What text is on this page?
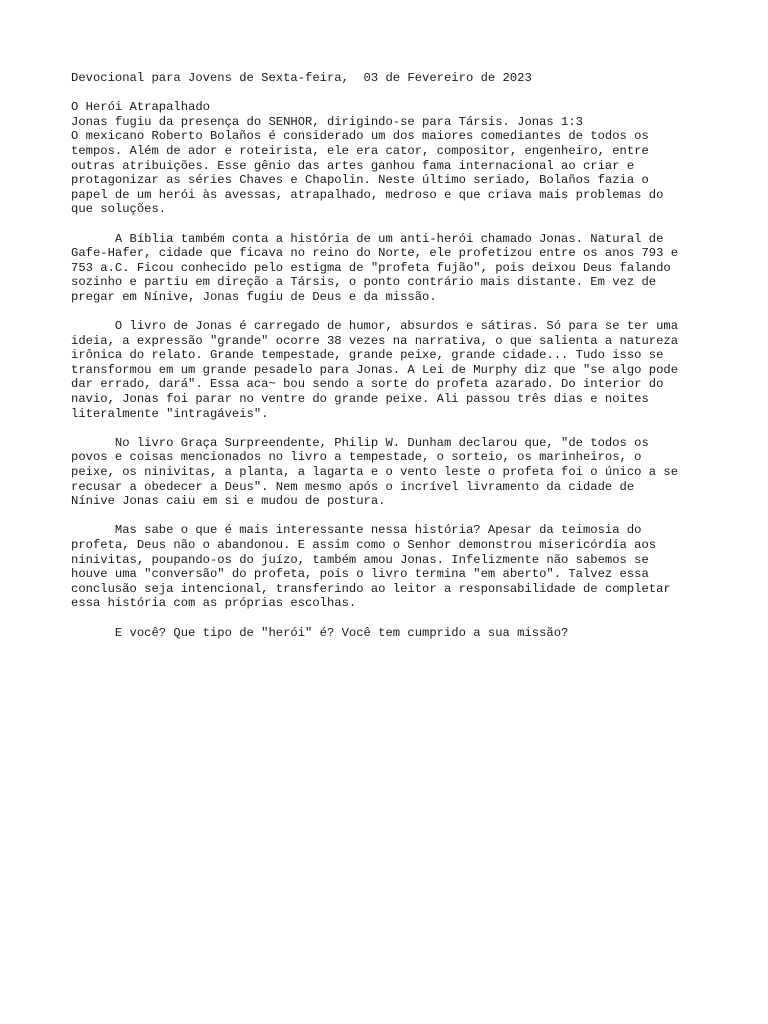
Devocional para Jovens de Sexta-feira,  03 de Fevereiro de 2023
O Herói Atrapalhado
Jonas fugiu da presença do SENHOR, dirigindo-se para Társis. Jonas 1:3
O mexicano Roberto Bolaños é considerado um dos maiores comediantes de todos os
tempos. Além de ador e roteirista, ele era cator, compositor, engenheiro, entre
outras atribuições. Esse gênio das artes ganhou fama internacional ao criar e
protagonizar as séries Chaves e Chapolin. Neste último seriado, Bolaños fazia o
papel de um herói às avessas, atrapalhado, medroso e que criava mais problemas do
que soluções.
A Bíblia também conta a história de um anti-herói chamado Jonas. Natural de
Gafe-Hafer, cidade que ficava no reino do Norte, ele profetizou entre os anos 793 e
753 a.C. Ficou conhecido pelo estigma de "profeta fujão", pois deixou Deus falando
sozinho e partiu em direção a Társis, o ponto contrário mais distante. Em vez de
pregar em Nínive, Jonas fugiu de Deus e da missão.
O livro de Jonas é carregado de humor, absurdos e sátiras. Só para se ter uma
ideia, a expressão "grande" ocorre 38 vezes na narrativa, o que salienta a natureza
irônica do relato. Grande tempestade, grande peixe, grande cidade... Tudo isso se
transformou em um grande pesadelo para Jonas. A Lei de Murphy diz que "se algo pode
dar errado, dará". Essa aca~ bou sendo a sorte do profeta azarado. Do interior do
navio, Jonas foi parar no ventre do grande peixe. Ali passou três dias e noites
literalmente "intragáveis".
No livro Graça Surpreendente, Philip W. Dunham declarou que, "de todos os
povos e coisas mencionados no livro a tempestade, o sorteio, os marinheiros, o
peixe, os ninivitas, a planta, a lagarta e o vento leste o profeta foi o único a se
recusar a obedecer a Deus". Nem mesmo após o incrível livramento da cidade de
Nínive Jonas caiu em si e mudou de postura.
Mas sabe o que é mais interessante nessa história? Apesar da teimosia do
profeta, Deus não o abandonou. E assim como o Senhor demonstrou misericórdia aos
ninivitas, poupando-os do juízo, também amou Jonas. Infelizmente não sabemos se
houve uma "conversão" do profeta, pois o livro termina "em aberto". Talvez essa
conclusão seja intencional, transferindo ao leitor a responsabilidade de completar
essa história com as próprias escolhas.
E você? Que tipo de "herói" é? Você tem cumprido a sua missão?
